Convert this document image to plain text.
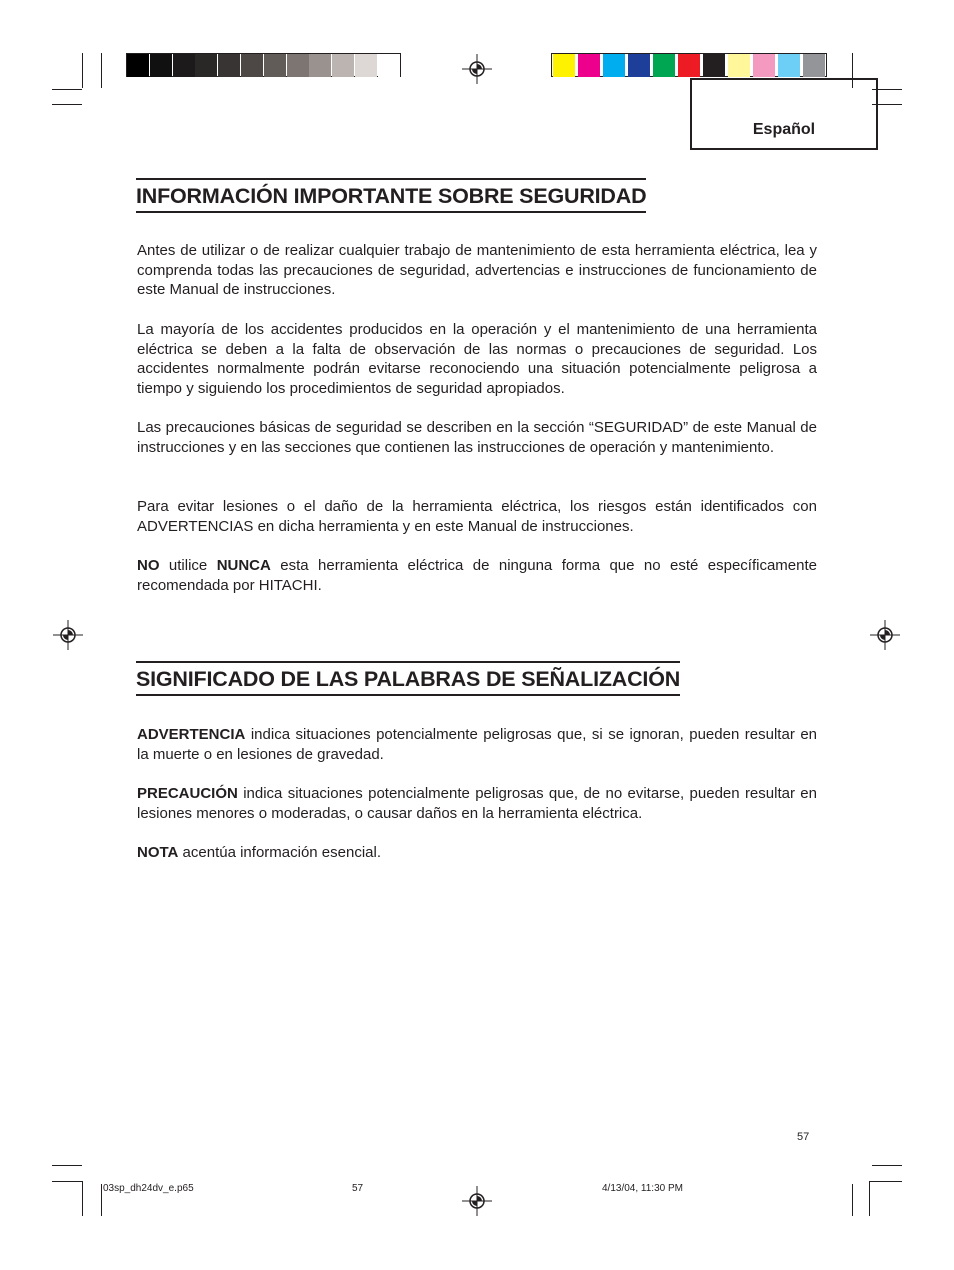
Español
INFORMACIÓN IMPORTANTE SOBRE SEGURIDAD
Antes de utilizar o de realizar cualquier trabajo de mantenimiento de esta herramienta eléctrica, lea y comprenda todas las precauciones de seguridad, advertencias e instrucciones de funcionamiento de este Manual de instrucciones.
La mayoría de los accidentes producidos en la operación y el mantenimiento de una herramienta eléctrica se deben a la falta de observación de las normas o precauciones de seguridad. Los accidentes normalmente podrán evitarse reconociendo una situación potencialmente peligrosa a tiempo y siguiendo los procedimientos de seguridad apropiados.
Las precauciones básicas de seguridad se describen en la sección “SEGURIDAD” de este Manual de instrucciones y en las secciones que contienen las instrucciones de operación y mantenimiento.
Para evitar lesiones o el daño de la herramienta eléctrica, los riesgos están identificados con ADVERTENCIAS en dicha herramienta y en este Manual de instrucciones.
NO utilice NUNCA esta herramienta eléctrica de ninguna forma que no esté específicamente recomendada por HITACHI.
SIGNIFICADO DE LAS PALABRAS DE SEÑALIZACIÓN
ADVERTENCIA indica situaciones potencialmente peligrosas que, si se ignoran, pueden resultar en la muerte o en lesiones de gravedad.
PRECAUCIÓN indica situaciones potencialmente peligrosas que, de no evitarse, pueden resultar en lesiones menores o moderadas, o causar daños en la herramienta eléctrica.
NOTA acentúa información esencial.
57
03sp_dh24dv_e.p65	57	4/13/04, 11:30 PM
